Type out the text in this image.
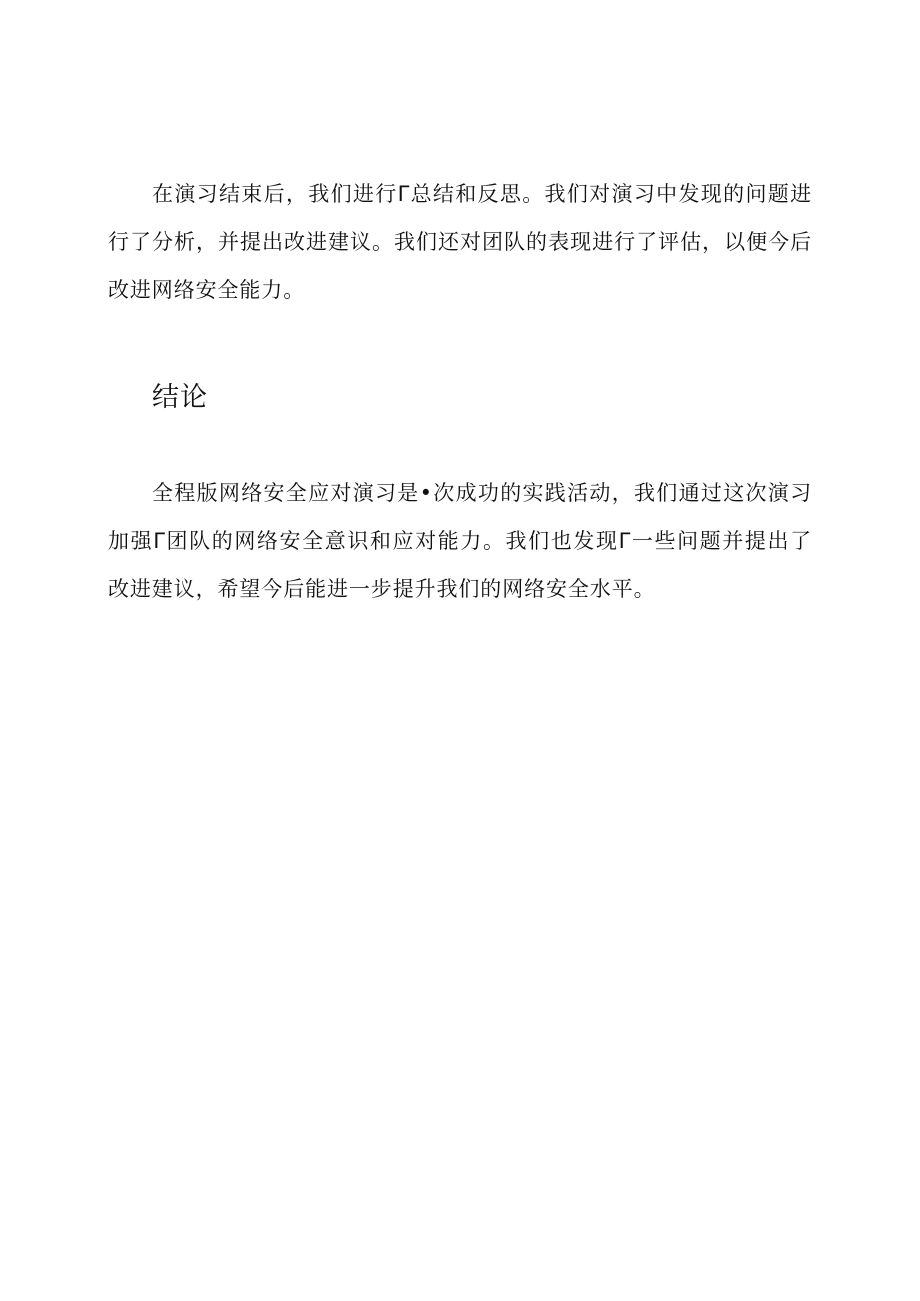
在演习结束后，我们进行Γ总结和反思。我们对演习中发现的问题进行了分析，并提出改进建议。我们还对团队的表现进行了评估，以便今后改进网络安全能力。

结论

全程版网络安全应对演习是•次成功的实践活动，我们通过这次演习加强Γ团队的网络安全意识和应对能力。我们也发现Γ一些问题并提出了改进建议，希望今后能进一步提升我们的网络安全水平。
